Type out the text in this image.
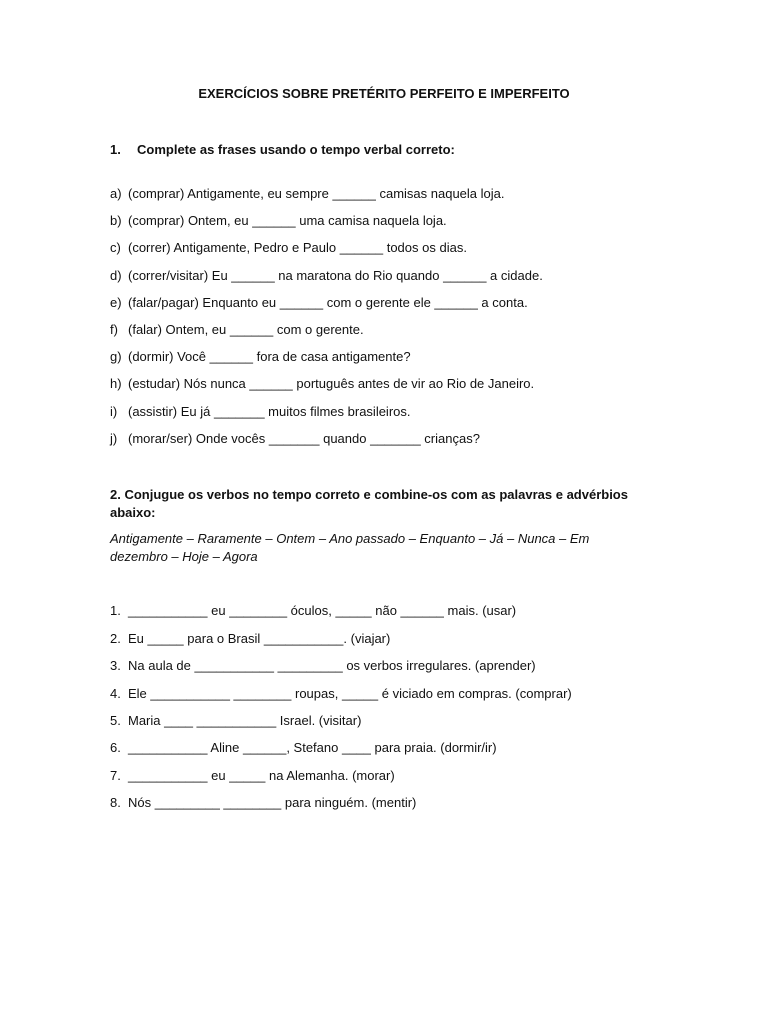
EXERCÍCIOS SOBRE PRETÉRITO PERFEITO E IMPERFEITO
1. Complete as frases usando o tempo verbal correto:
a) (comprar) Antigamente, eu sempre ______ camisas naquela loja.
b) (comprar) Ontem, eu ______ uma camisa naquela loja.
c) (correr) Antigamente, Pedro e Paulo ______ todos os dias.
d) (correr/visitar) Eu ______ na maratona do Rio quando ______ a cidade.
e) (falar/pagar) Enquanto eu ______ com o gerente ele ______ a conta.
f) (falar) Ontem, eu ______ com o gerente.
g) (dormir) Você ______ fora de casa antigamente?
h) (estudar) Nós nunca ______ português antes de vir ao Rio de Janeiro.
i) (assistir) Eu já _______ muitos filmes brasileiros.
j) (morar/ser) Onde vocês _______ quando _______ crianças?
2. Conjugue os verbos no tempo correto e combine-os com as palavras e advérbios abaixo:
Antigamente – Raramente – Ontem – Ano passado – Enquanto – Já – Nunca – Em dezembro – Hoje – Agora
1. ___________ eu ________ óculos, _____ não ______ mais. (usar)
2. Eu _____ para o Brasil ___________. (viajar)
3. Na aula de ___________ _________ os verbos irregulares. (aprender)
4. Ele ___________ ________ roupas, _____ é viciado em compras. (comprar)
5. Maria ____ ___________ Israel. (visitar)
6. ___________ Aline ______, Stefano ____ para praia. (dormir/ir)
7. ___________ eu _____ na Alemanha. (morar)
8. Nós _________ ________ para ninguém. (mentir)
